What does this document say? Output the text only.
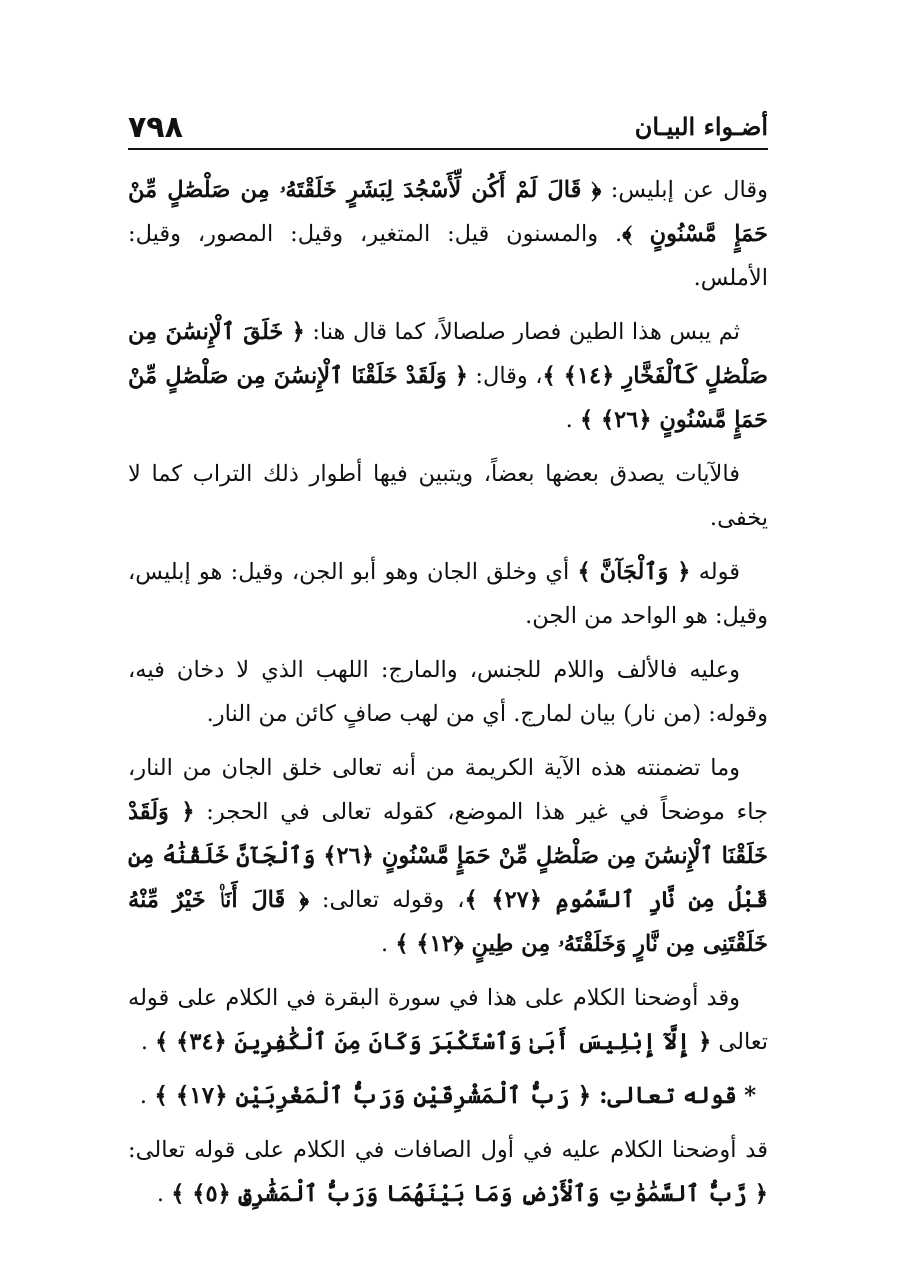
٧٩٨	أضـواء البيـان

وقال عن إبليس: ﴿ قَالَ لَمْ أَكُن لِّأَسْجُدَ لِبَشَرٍ خَلَقْتَهُۥ مِن صَلْصَٰلٍ مِّنْ حَمَإٍ مَّسْنُونٍ ﴾. والمسنون قيل: المتغير، وقيل: المصور، وقيل: الأملس.

ثم يبس هذا الطين فصار صلصالاً، كما قال هنا: ﴿ خَلَقَ ٱلْإِنسَٰنَ مِن صَلْصَٰلٍ كَٱلْفَخَّارِ ﴿١٤﴾ ﴾، وقال: ﴿ وَلَقَدْ خَلَقْنَا ٱلْإِنسَٰنَ مِن صَلْصَٰلٍ مِّنْ حَمَإٍ مَّسْنُونٍ ﴿٢٦﴾ ﴾ .

فالآيات يصدق بعضها بعضاً، ويتبين فيها أطوار ذلك التراب كما لا يخفى.

قوله ﴿ وَٱلْجَآنَّ ﴾ أي وخلق الجان وهو أبو الجن، وقيل: هو إبليس، وقيل: هو الواحد من الجن.

وعليه فالألف واللام للجنس، والمارج: اللهب الذي لا دخان فيه، وقوله: (من نار) بيان لمارج. أي من لهب صافٍ كائن من النار.

وما تضمنته هذه الآية الكريمة من أنه تعالى خلق الجان من النار، جاء موضحاً في غير هذا الموضع، كقوله تعالى في الحجر: ﴿ وَلَقَدْ خَلَقْنَا ٱلْإِنسَٰنَ مِن صَلْصَٰلٍ مِّنْ حَمَإٍ مَّسْنُونٍ ﴿٢٦﴾ وَٱلْجَآنَّ خَلَقْنَٰهُ مِن قَبْلُ مِن نَّارِ ٱلسَّمُومِ ﴿٢٧﴾ ﴾، وقوله تعالى: ﴿ قَالَ أَنَا۠ خَيْرٌ مِّنْهُ خَلَقْتَنِى مِن نَّارٍ وَخَلَقْتَهُۥ مِن طِينٍ ﴿١٢﴾ ﴾ .

وقد أوضحنا الكلام على هذا في سورة البقرة في الكلام على قوله تعالى ﴿ إِلَّآ إِبْلِيسَ أَبَىٰ وَٱسْتَكْبَرَ وَكَانَ مِنَ ٱلْكَٰفِرِينَ ﴿٣٤﴾ ﴾ .

* قوله تعالى: ﴿ رَبُّ ٱلْمَشْرِقَيْنِ وَرَبُّ ٱلْمَغْرِبَيْنِ ﴿١٧﴾ ﴾ .

قد أوضحنا الكلام عليه في أول الصافات في الكلام على قوله تعالى: ﴿ رَّبُّ ٱلسَّمَٰوَٰتِ وَٱلْأَرْضِ وَمَا بَيْنَهُمَا وَرَبُّ ٱلْمَشَٰرِقِ ﴿٥﴾ ﴾ .
